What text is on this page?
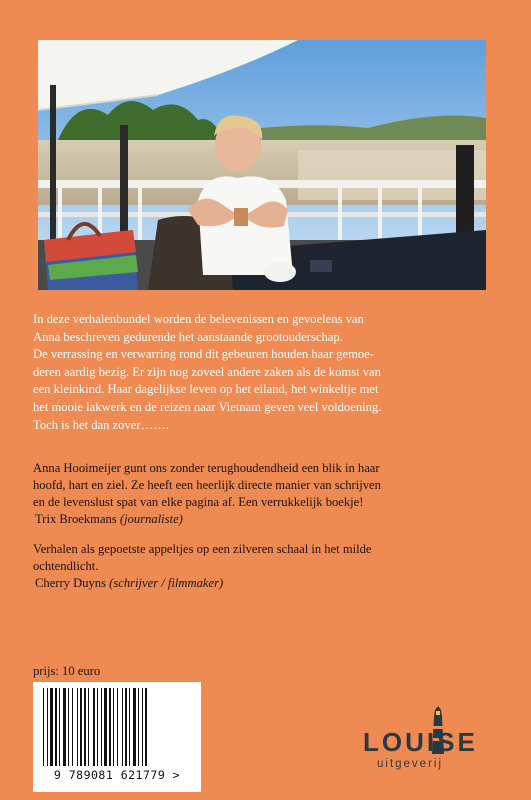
In deze verhalenbundel worden de belevenissen en gevoelens van
Anna beschreven gedurende het aanstaande grootouderschap.
De verrassing en verwarring rond dit gebeuren houden haar gemoe-
deren aardig bezig. Er zijn nog zoveel andere zaken als de komst van
een kleinkind. Haar dagelijkse leven op het eiland, het winkeltje met
het mooie lakwerk en de reizen naar Vietnam geven veel voldoening.
Toch is het dan zover…….
Anna Hooimeijer gunt ons zonder terughoudendheid een blik in haar
hoofd, hart en ziel. Ze heeft een heerlijk directe manier van schrijven
en de levenslust spat van elke pagina af. Een verrukkelijk boekje!
Trix Broekmans (journaliste)
Verhalen als gepoetste appeltjes op een zilveren schaal in het milde
ochtendlicht.
Cherry Duyns (schrijver / filmmaker)
prijs: 10 euro
9 789081 621779 >
LOUISE
uitgeverij
